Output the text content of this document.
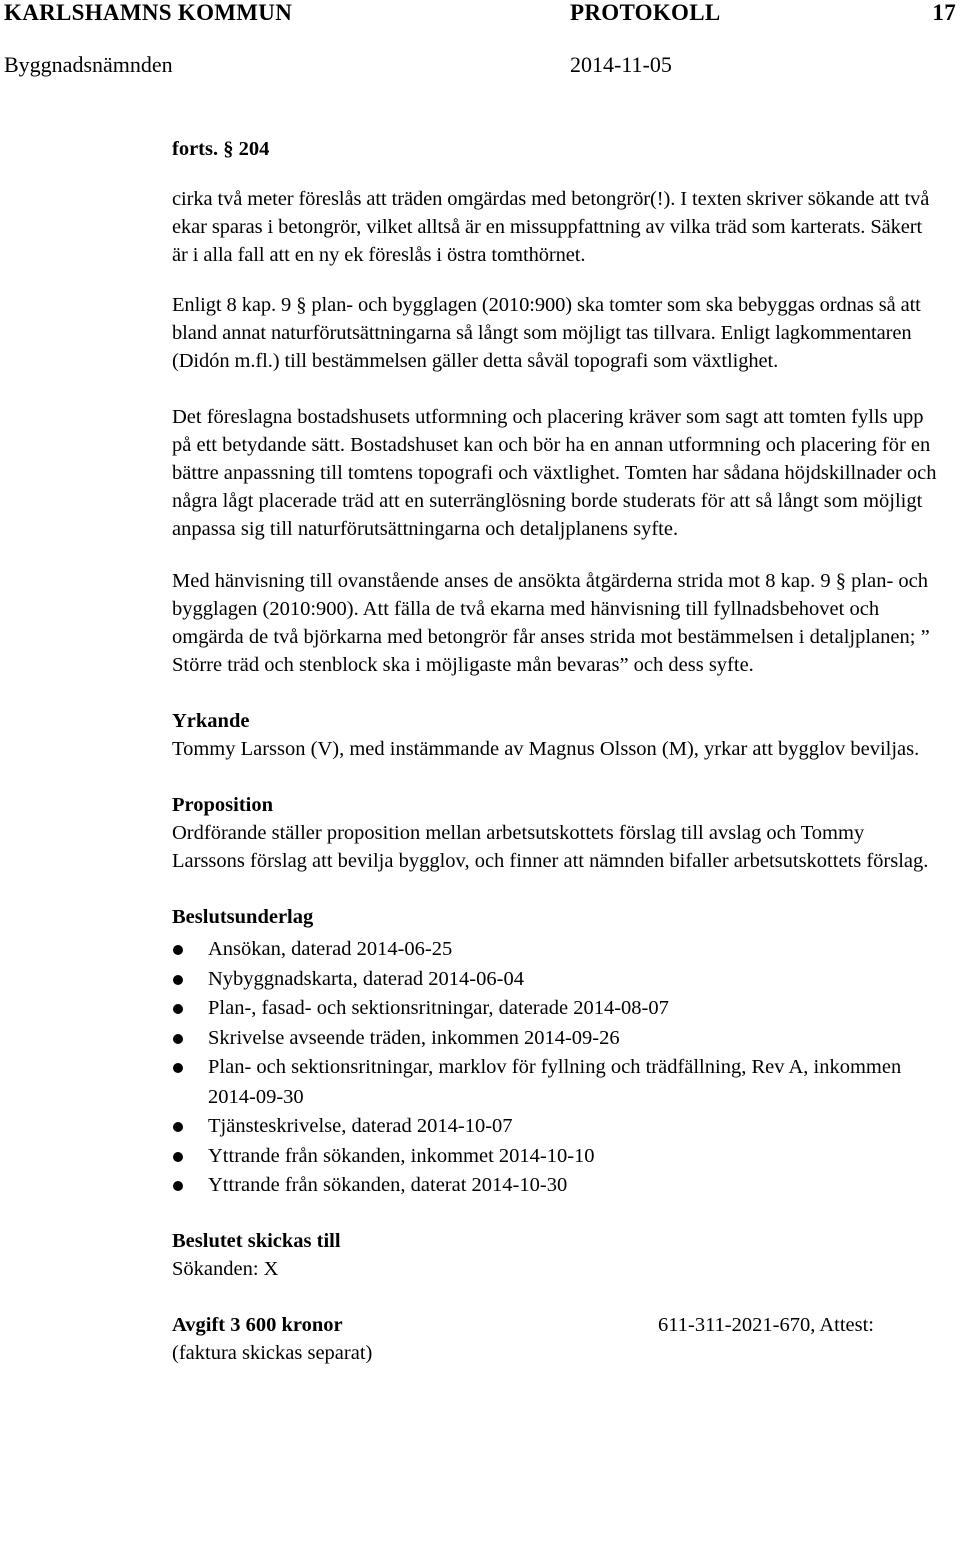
KARLSHAMNS KOMMUN	PROTOKOLL	17
Byggnadsnämnden	2014-11-05

forts. § 204

cirka två meter föreslås att träden omgärdas med betongrör(!). I texten skriver sökande att två ekar sparas i betongrör, vilket alltså är en missuppfattning av vilka träd som karterats. Säkert är i alla fall att en ny ek föreslås i östra tomthörnet.

Enligt 8 kap. 9 § plan- och bygglagen (2010:900) ska tomter som ska bebyggas ordnas så att bland annat naturförutsättningarna så långt som möjligt tas tillvara. Enligt lagkommentaren (Didón m.fl.) till bestämmelsen gäller detta såväl topografi som växtlighet.

Det föreslagna bostadshusets utformning och placering kräver som sagt att tomten fylls upp på ett betydande sätt. Bostadshuset kan och bör ha en annan utformning och placering för en bättre anpassning till tomtens topografi och växtlighet. Tomten har sådana höjdskillnader och några lågt placerade träd att en suterränglösning borde studerats för att så långt som möjligt anpassa sig till naturförutsättningarna och detaljplanens syfte.

Med hänvisning till ovanstående anses de ansökta åtgärderna strida mot 8 kap. 9 § plan- och bygglagen (2010:900). Att fälla de två ekarna med hänvisning till fyllnadsbehovet och omgärda de två björkarna med betongrör får anses strida mot bestämmelsen i detaljplanen; ” Större träd och stenblock ska i möjligaste mån bevaras” och dess syfte.

Yrkande

Tommy Larsson (V), med instämmande av Magnus Olsson (M), yrkar att bygglov beviljas.

Proposition

Ordförande ställer proposition mellan arbetsutskottets förslag till avslag och Tommy Larssons förslag att bevilja bygglov, och finner att nämnden bifaller arbetsutskottets förslag.

Beslutsunderlag

Ansökan, daterad 2014-06-25
Nybyggnadskarta, daterad 2014-06-04
Plan-, fasad- och sektionsritningar, daterade 2014-08-07
Skrivelse avseende träden, inkommen 2014-09-26
Plan- och sektionsritningar, marklov för fyllning och trädfällning, Rev A, inkommen 2014-09-30
Tjänsteskrivelse, daterad 2014-10-07
Yttrande från sökanden, inkommet 2014-10-10
Yttrande från sökanden, daterat 2014-10-30

Beslutet skickas till

Sökanden: X

Avgift 3 600 kronor	611-311-2021-670, Attest:

(faktura skickas separat)
